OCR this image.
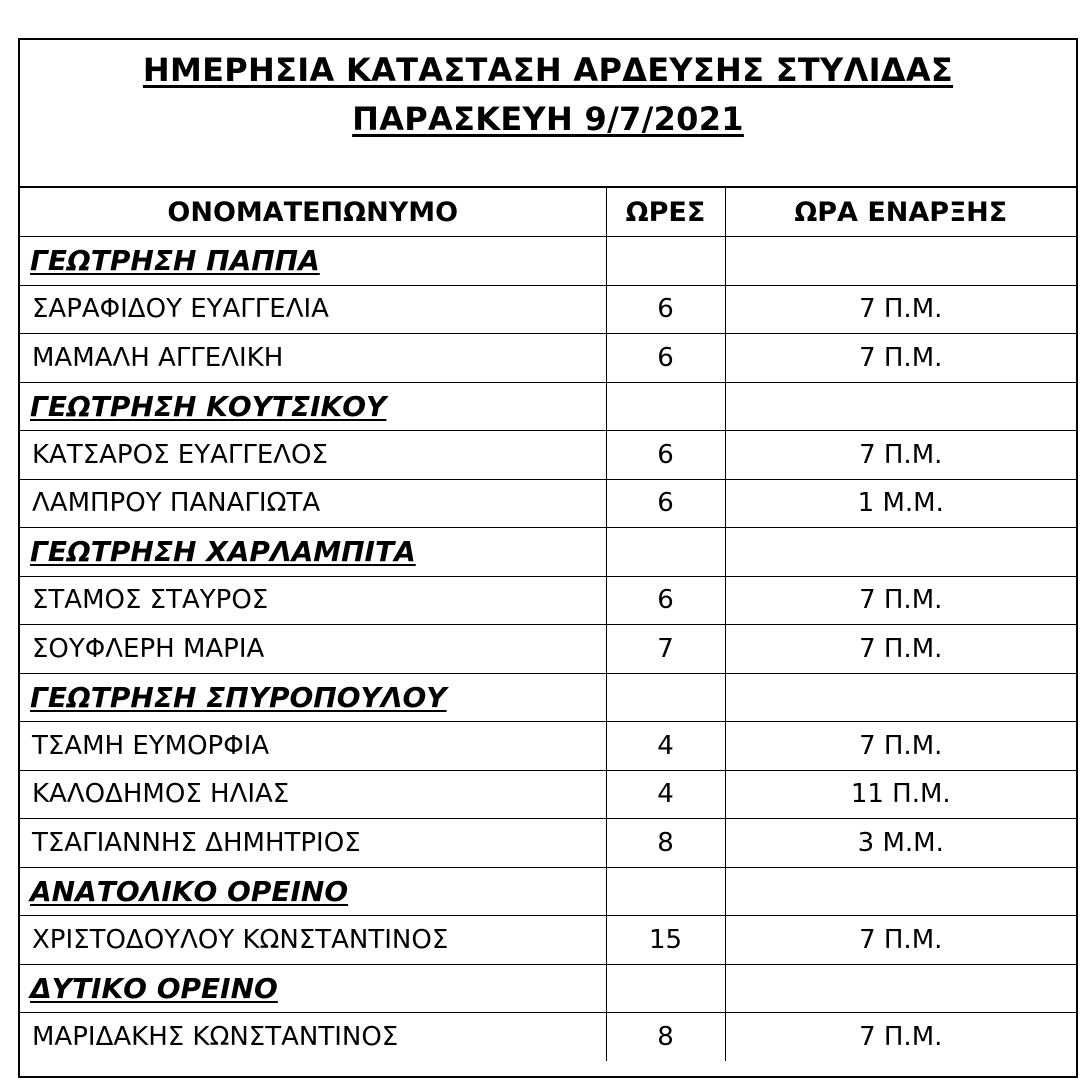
ΗΜΕΡΗΣΙΑ ΚΑΤΑΣΤΑΣΗ ΑΡΔΕΥΣΗΣ ΣΤΥΛΙΔΑΣ
ΠΑΡΑΣΚΕΥΗ 9/7/2021
ΟΝΟΜΑΤΕΠΩΝΥΜΟ	ΩΡΕΣ	ΩΡΑ ΕΝΑΡΞΗΣ
ΓΕΩΤΡΗΣΗ ΠΑΠΠΑ		
ΣΑΡΑΦΙΔΟΥ ΕΥΑΓΓΕΛΙΑ	6	7 Π.Μ.
ΜΑΜΑΛΗ ΑΓΓΕΛΙΚΗ	6	7 Π.Μ.
ΓΕΩΤΡΗΣΗ ΚΟΥΤΣΙΚΟΥ		
ΚΑΤΣΑΡΟΣ ΕΥΑΓΓΕΛΟΣ	6	7 Π.Μ.
ΛΑΜΠΡΟΥ ΠΑΝΑΓΙΩΤΑ	6	1 Μ.Μ.
ΓΕΩΤΡΗΣΗ ΧΑΡΛΑΜΠΙΤΑ		
ΣΤΑΜΟΣ ΣΤΑΥΡΟΣ	6	7 Π.Μ.
ΣΟΥΦΛΕΡΗ ΜΑΡΙΑ	7	7 Π.Μ.
ΓΕΩΤΡΗΣΗ ΣΠΥΡΟΠΟΥΛΟΥ		
ΤΣΑΜΗ ΕΥΜΟΡΦΙΑ	4	7 Π.Μ.
ΚΑΛΟΔΗΜΟΣ ΗΛΙΑΣ	4	11 Π.Μ.
ΤΣΑΓΙΑΝΝΗΣ ΔΗΜΗΤΡΙΟΣ	8	3 Μ.Μ.
ΑΝΑΤΟΛΙΚΟ ΟΡΕΙΝΟ		
ΧΡΙΣΤΟΔΟΥΛΟΥ ΚΩΝΣΤΑΝΤΙΝΟΣ	15	7 Π.Μ.
ΔΥΤΙΚΟ ΟΡΕΙΝΟ		
ΜΑΡΙΔΑΚΗΣ ΚΩΝΣΤΑΝΤΙΝΟΣ	8	7 Π.Μ.
